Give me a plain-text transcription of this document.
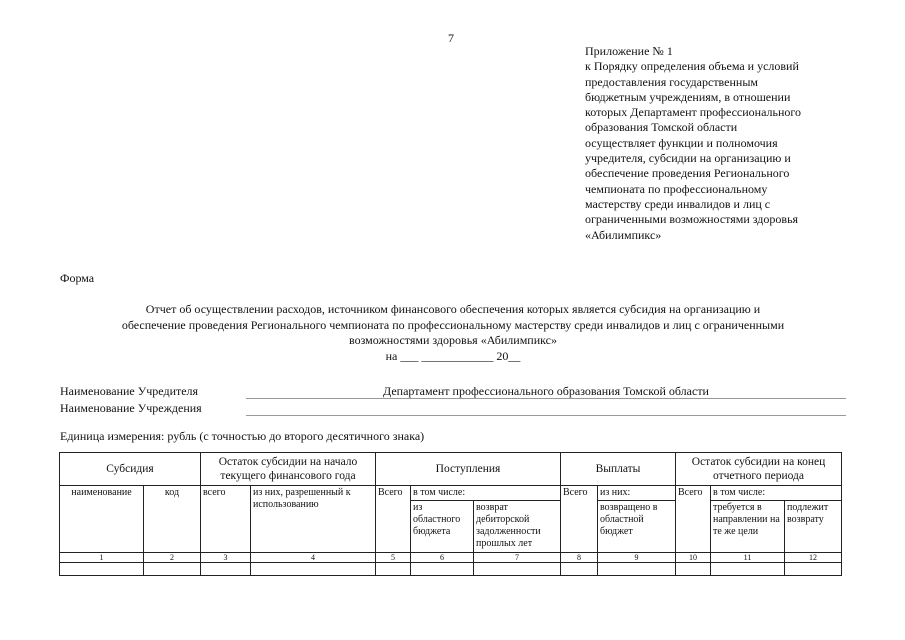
7
Приложение № 1
к Порядку определения объема и условий
предоставления государственным
бюджетным учреждениям, в отношении
которых Департамент профессионального
образования Томской области
осуществляет функции и полномочия
учредителя, субсидии на организацию и
обеспечение проведения Регионального
чемпионата по профессиональному
мастерству среди инвалидов и лиц с
ограниченными возможностями здоровья
«Абилимпикс»
Форма
Отчет об осуществлении расходов, источником финансового обеспечения которых является субсидия на организацию и
обеспечение проведения Регионального чемпионата по профессиональному мастерству среди инвалидов и лиц с ограниченными
возможностями здоровья «Абилимпикс»
на ___ ____________ 20__
Наименование Учредителя	Департамент профессионального образования Томской области
Наименование Учреждения
Единица измерения: рубль (с точностью до второго десятичного знака)
Субсидия		Остаток субсидии на начало текущего финансового года		Поступления			Выплаты		Остаток субсидии на конец отчетного периода		
наименование	код	всего	из них, разрешенный к использованию	Всего	в том числе:		Всего	из них:	Всего	в том числе:	
					из областного бюджета	возврат дебиторской задолженности прошлых лет		возвращено в областной бюджет		требуется в направлении на те же цели	подлежит возврату
1	2	3	4	5	6	7	8	9	10	11	12
